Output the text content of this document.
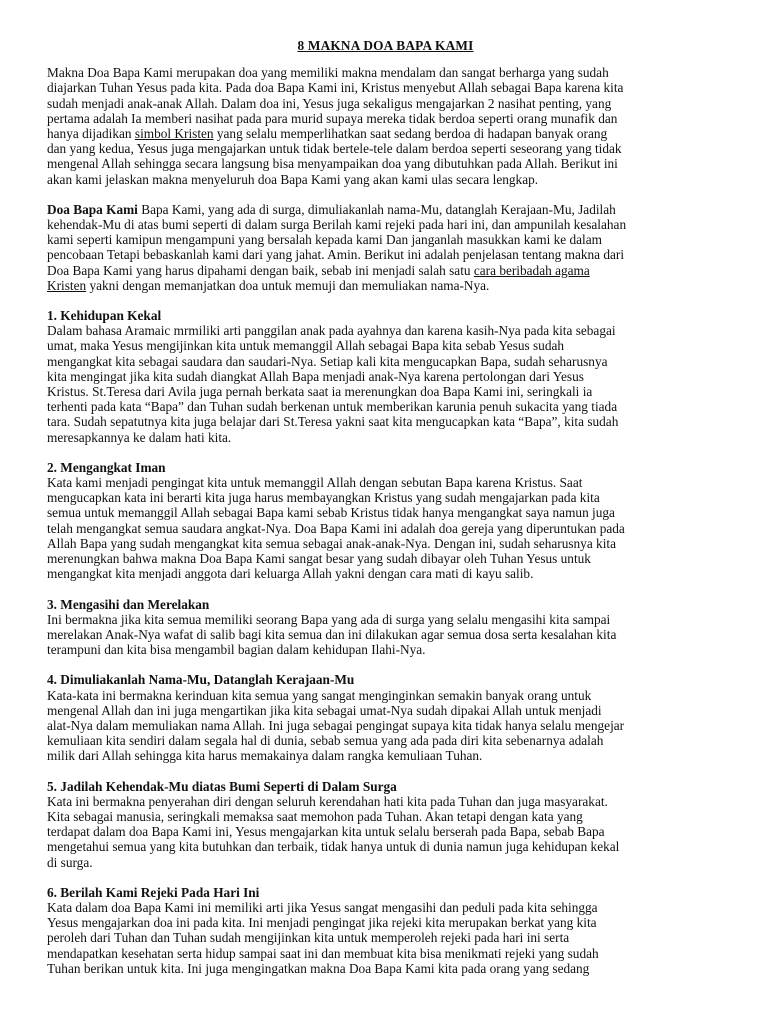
8 MAKNA DOA BAPA KAMI

Makna Doa Bapa Kami merupakan doa yang memiliki makna mendalam dan sangat berharga yang sudah
diajarkan Tuhan Yesus pada kita. Pada doa Bapa Kami ini, Kristus menyebut Allah sebagai Bapa karena kita
sudah menjadi anak-anak Allah. Dalam doa ini, Yesus juga sekaligus mengajarkan 2 nasihat penting, yang
pertama adalah Ia memberi nasihat pada para murid supaya mereka tidak berdoa seperti orang munafik dan
hanya dijadikan simbol Kristen yang selalu memperlihatkan saat sedang berdoa di hadapan banyak orang
dan yang kedua, Yesus juga mengajarkan untuk tidak bertele-tele dalam berdoa seperti seseorang yang tidak
mengenal Allah sehingga secara langsung bisa menyampaikan doa yang dibutuhkan pada Allah. Berikut ini
akan kami jelaskan makna menyeluruh doa Bapa Kami yang akan kami ulas secara lengkap.

Doa Bapa Kami Bapa Kami, yang ada di surga, dimuliakanlah nama-Mu, datanglah Kerajaan-Mu, Jadilah
kehendak-Mu di atas bumi seperti di dalam surga Berilah kami rejeki pada hari ini, dan ampunilah kesalahan
kami seperti kamipun mengampuni yang bersalah kepada kami Dan janganlah masukkan kami ke dalam
pencobaan Tetapi bebaskanlah kami dari yang jahat. Amin. Berikut ini adalah penjelasan tentang makna dari
Doa Bapa Kami yang harus dipahami dengan baik, sebab ini menjadi salah satu cara beribadah agama
Kristen yakni dengan memanjatkan doa untuk memuji dan memuliakan nama-Nya.

1. Kehidupan Kekal
Dalam bahasa Aramaic mrmiliki arti panggilan anak pada ayahnya dan karena kasih-Nya pada kita sebagai
umat, maka Yesus mengijinkan kita untuk memanggil Allah sebagai Bapa kita sebab Yesus sudah
mengangkat kita sebagai saudara dan saudari-Nya. Setiap kali kita mengucapkan Bapa, sudah seharusnya
kita mengingat jika kita sudah diangkat Allah Bapa menjadi anak-Nya karena pertolongan dari Yesus
Kristus. St.Teresa dari Avila juga pernah berkata saat ia merenungkan doa Bapa Kami ini, seringkali ia
terhenti pada kata “Bapa” dan Tuhan sudah berkenan untuk memberikan karunia penuh sukacita yang tiada
tara. Sudah sepatutnya kita juga belajar dari St.Teresa yakni saat kita mengucapkan kata “Bapa”, kita sudah
meresapkannya ke dalam hati kita.

2. Mengangkat Iman
Kata kami menjadi pengingat kita untuk memanggil Allah dengan sebutan Bapa karena Kristus. Saat
mengucapkan kata ini berarti kita juga harus membayangkan Kristus yang sudah mengajarkan pada kita
semua untuk memanggil Allah sebagai Bapa kami sebab Kristus tidak hanya mengangkat saya namun juga
telah mengangkat semua saudara angkat-Nya. Doa Bapa Kami ini adalah doa gereja yang diperuntukan pada
Allah Bapa yang sudah mengangkat kita semua sebagai anak-anak-Nya. Dengan ini, sudah seharusnya kita
merenungkan bahwa makna Doa Bapa Kami sangat besar yang sudah dibayar oleh Tuhan Yesus untuk
mengangkat kita menjadi anggota dari keluarga Allah yakni dengan cara mati di kayu salib.

3. Mengasihi dan Merelakan
Ini bermakna jika kita semua memiliki seorang Bapa yang ada di surga yang selalu mengasihi kita sampai
merelakan Anak-Nya wafat di salib bagi kita semua dan ini dilakukan agar semua dosa serta kesalahan kita
terampuni dan kita bisa mengambil bagian dalam kehidupan Ilahi-Nya.

4. Dimuliakanlah Nama-Mu, Datanglah Kerajaan-Mu
Kata-kata ini bermakna kerinduan kita semua yang sangat menginginkan semakin banyak orang untuk
mengenal Allah dan ini juga mengartikan jika kita sebagai umat-Nya sudah dipakai Allah untuk menjadi
alat-Nya dalam memuliakan nama Allah. Ini juga sebagai pengingat supaya kita tidak hanya selalu mengejar
kemuliaan kita sendiri dalam segala hal di dunia, sebab semua yang ada pada diri kita sebenarnya adalah
milik dari Allah sehingga kita harus memakainya dalam rangka kemuliaan Tuhan.

5. Jadilah Kehendak-Mu diatas Bumi Seperti di Dalam Surga
Kata ini bermakna penyerahan diri dengan seluruh kerendahan hati kita pada Tuhan dan juga masyarakat.
Kita sebagai manusia, seringkali memaksa saat memohon pada Tuhan. Akan tetapi dengan kata yang
terdapat dalam doa Bapa Kami ini, Yesus mengajarkan kita untuk selalu berserah pada Bapa, sebab Bapa
mengetahui semua yang kita butuhkan dan terbaik, tidak hanya untuk di dunia namun juga kehidupan kekal
di surga.

6. Berilah Kami Rejeki Pada Hari Ini
Kata dalam doa Bapa Kami ini memiliki arti jika Yesus sangat mengasihi dan peduli pada kita sehingga
Yesus mengajarkan doa ini pada kita. Ini menjadi pengingat jika rejeki kita merupakan berkat yang kita
peroleh dari Tuhan dan Tuhan sudah mengijinkan kita untuk memperoleh rejeki pada hari ini serta
mendapatkan kesehatan serta hidup sampai saat ini dan membuat kita bisa menikmati rejeki yang sudah
Tuhan berikan untuk kita. Ini juga mengingatkan makna Doa Bapa Kami kita pada orang yang sedang
